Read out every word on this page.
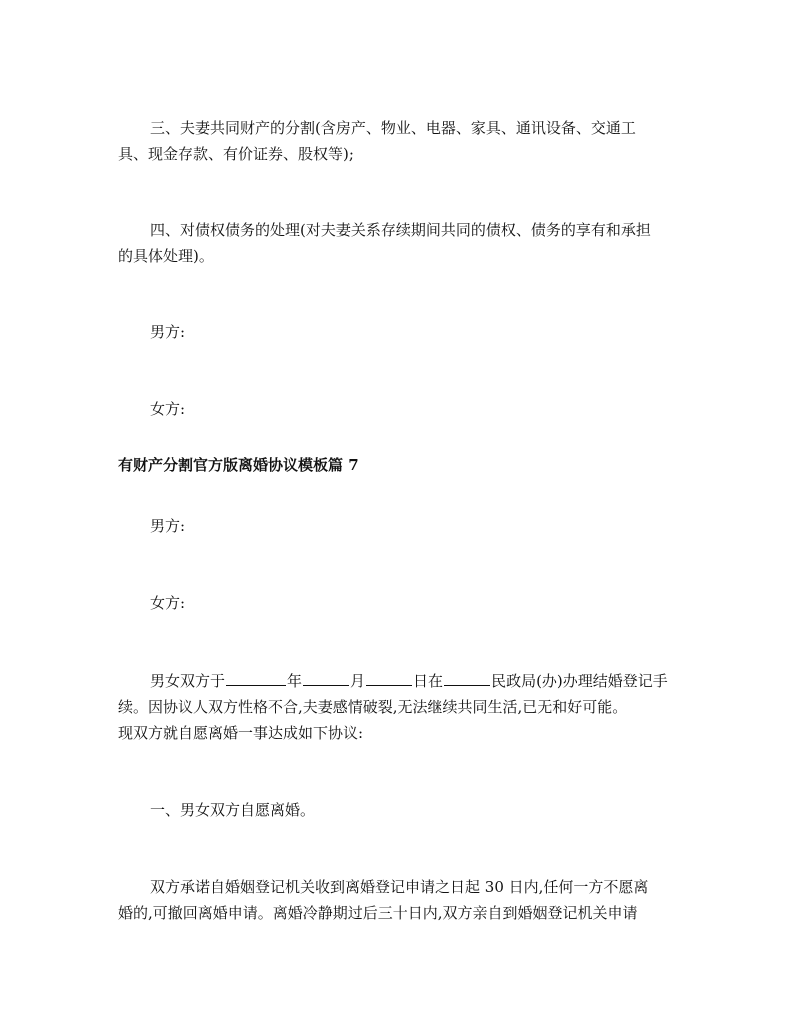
三、夫妻共同财产的分割(含房产、物业、电器、家具、通讯设备、交通工
具、现金存款、有价证券、股权等);

四、对债权债务的处理(对夫妻关系存续期间共同的债权、债务的享有和承担
的具体处理)。

男方:

女方:

有财产分割官方版离婚协议模板篇 7

男方:

女方:

男女双方于	年	月	日在	民政局(办)办理结婚登记手
续。因协议人双方性格不合,夫妻感情破裂,无法继续共同生活,已无和好可能。
现双方就自愿离婚一事达成如下协议:

一、男女双方自愿离婚。

双方承诺自婚姻登记机关收到离婚登记申请之日起 30 日内,任何一方不愿离
婚的,可撤回离婚申请。离婚冷静期过后三十日内,双方亲自到婚姻登记机关申请
